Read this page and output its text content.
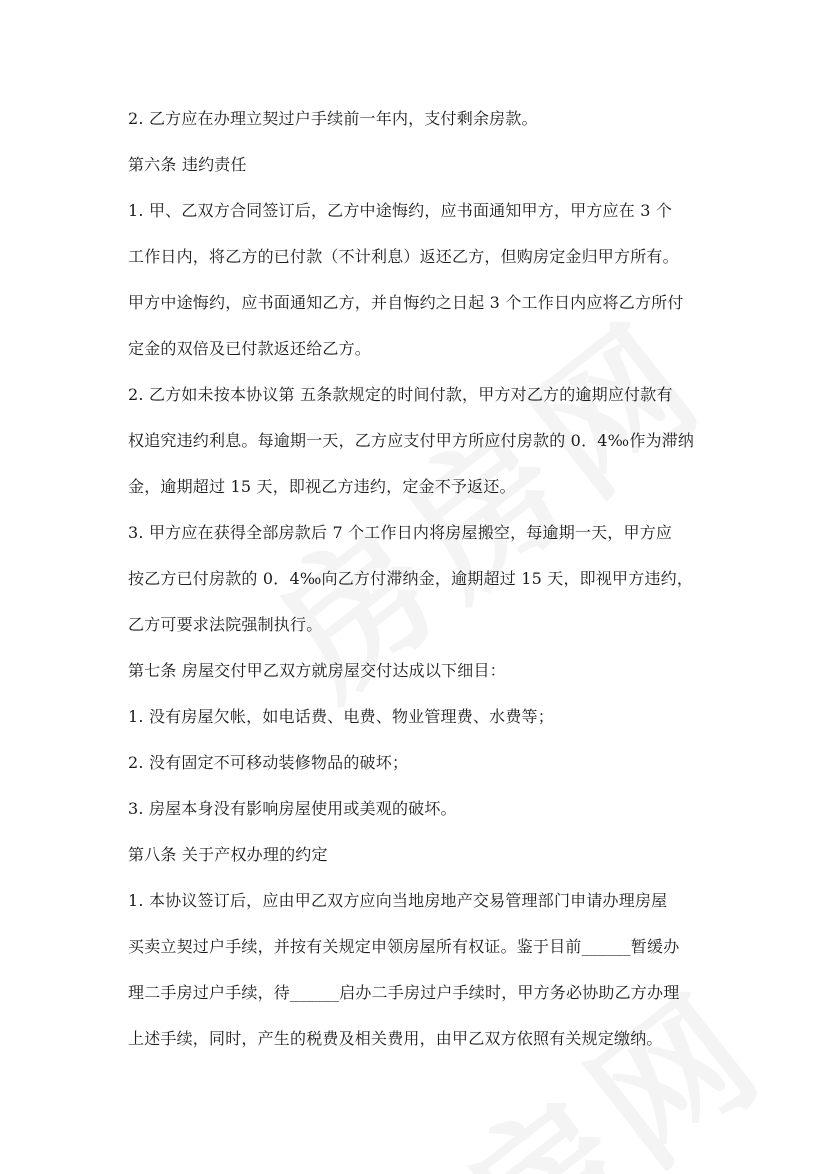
2. 乙方应在办理立契过户手续前一年内，支付剩余房款。
第六条 违约责任
1. 甲、乙双方合同签订后，乙方中途悔约，应书面通知甲方，甲方应在 3 个
工作日内，将乙方的已付款（不计利息）返还乙方，但购房定金归甲方所有。
甲方中途悔约，应书面通知乙方，并自悔约之日起 3 个工作日内应将乙方所付
定金的双倍及已付款返还给乙方。
2. 乙方如未按本协议第 五条款规定的时间付款，甲方对乙方的逾期应付款有
权追究违约利息。每逾期一天，乙方应支付甲方所应付房款的 0．4‰作为滞纳
金，逾期超过 15 天，即视乙方违约，定金不予返还。
3. 甲方应在获得全部房款后 7 个工作日内将房屋搬空，每逾期一天，甲方应
按乙方已付房款的 0．4‰向乙方付滞纳金，逾期超过 15 天，即视甲方违约，
乙方可要求法院强制执行。
第七条 房屋交付甲乙双方就房屋交付达成以下细目：
1. 没有房屋欠帐，如电话费、电费、物业管理费、水费等；
2. 没有固定不可移动装修物品的破坏；
3. 房屋本身没有影响房屋使用或美观的破坏。
第八条 关于产权办理的约定
1. 本协议签订后，应由甲乙双方应向当地房地产交易管理部门申请办理房屋
买卖立契过户手续，并按有关规定申领房屋所有权证。鉴于目前______暂缓办
理二手房过户手续，待______启办二手房过户手续时，甲方务必协助乙方办理
上述手续，同时，产生的税费及相关费用，由甲乙双方依照有关规定缴纳。
